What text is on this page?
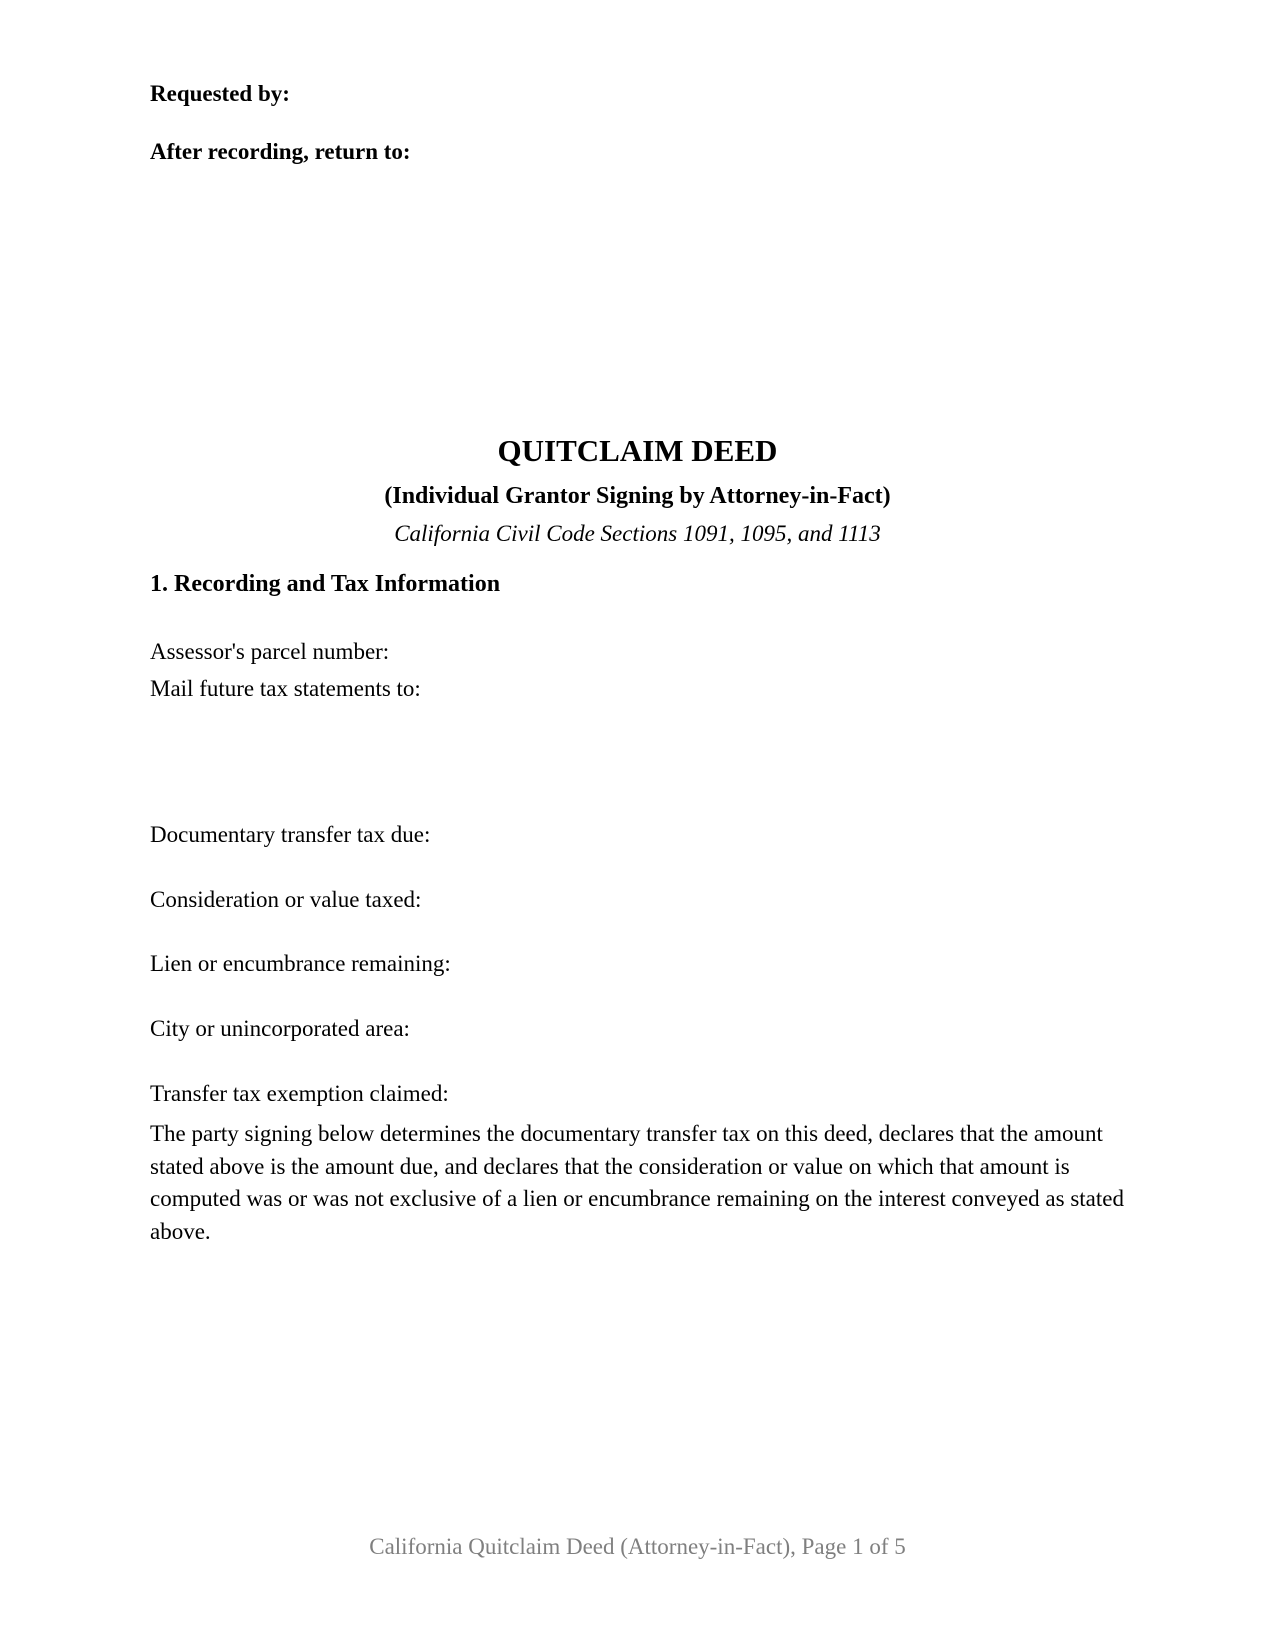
Requested by:
After recording, return to:
QUITCLAIM DEED
(Individual Grantor Signing by Attorney-in-Fact)
California Civil Code Sections 1091, 1095, and 1113
1. Recording and Tax Information
Assessor's parcel number:
Mail future tax statements to:
Documentary transfer tax due:
Consideration or value taxed:
Lien or encumbrance remaining:
City or unincorporated area:
Transfer tax exemption claimed:
The party signing below determines the documentary transfer tax on this deed, declares that the amount stated above is the amount due, and declares that the consideration or value on which that amount is computed was or was not exclusive of a lien or encumbrance remaining on the interest conveyed as stated above.
California Quitclaim Deed (Attorney-in-Fact), Page 1 of 5
